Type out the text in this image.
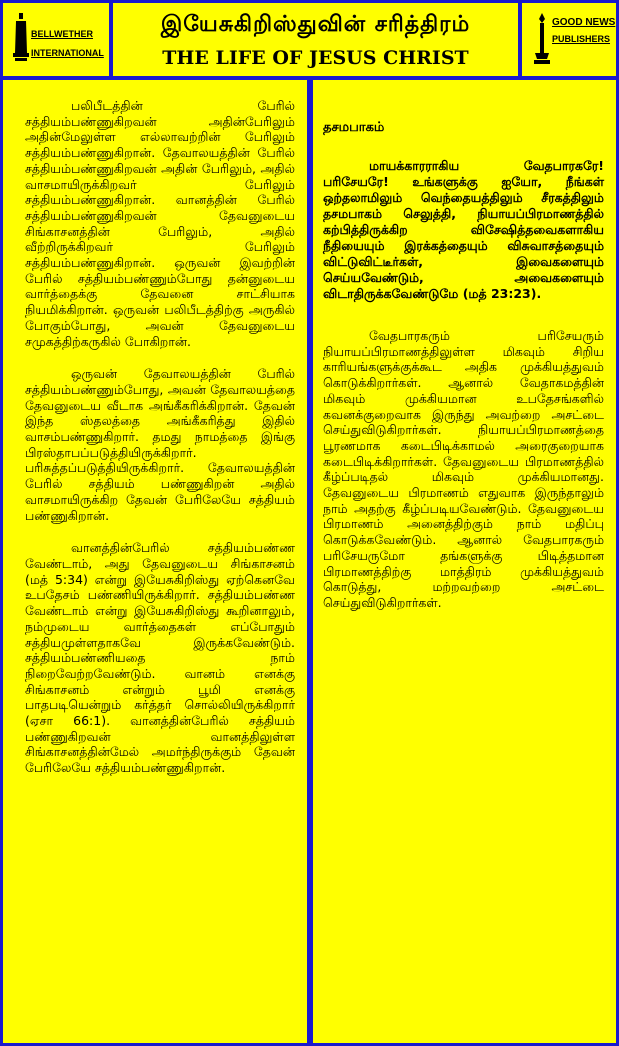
BELLWETHER
INTERNATIONAL
இயேசுகிறிஸ்துவின் சரித்திரம்
THE LIFE OF JESUS CHRIST
GOOD NEWS
PUBLISHERS

பலிபீடத்தின் பேரில் சத்தியம்பண்ணுகிறவன் அதின்பேரிலும் அதின்மேலுள்ள எல்லாவற்றின் பேரிலும் சத்தியம்பண்ணுகிறான். தேவாலயத்தின் பேரில் சத்தியம்பண்ணுகிறவன் அதின் பேரிலும், அதில் வாசமாயிருக்கிறவர் பேரிலும் சத்தியம்பண்ணுகிறான். வானத்தின் பேரில் சத்தியம்பண்ணுகிறவன் தேவனுடைய சிங்காசனத்தின் பேரிலும், அதில் வீற்றிருக்கிறவர் பேரிலும் சத்தியம்பண்ணுகிறான். ஒருவன் இவற்றின் பேரில் சத்தியம்பண்ணும்போது தன்னுடைய வார்த்தைக்கு தேவனை சாட்சியாக நியமிக்கிறான். ஒருவன் பலிபீடத்திற்கு அருகில் போகும்போது, அவன் தேவனுடைய சமுகத்திற்கருகில் போகிறான்.

ஒருவன் தேவாலயத்தின் பேரில் சத்தியம்பண்ணும்போது, அவன் தேவாலயத்தை தேவனுடைய வீடாக அங்கீகரிக்கிறான். தேவன் இந்த ஸ்தலத்தை அங்கீகரித்து இதில் வாசம்பண்ணுகிறார். தமது நாமத்தை இங்கு பிரஸ்தாபப்படுத்தியிருக்கிறார். பரிசுத்தப்படுத்தியிருக்கிறார். தேவாலயத்தின் பேரில் சத்தியம் பண்ணுகிறன் அதில் வாசமாயிருக்கிற தேவன் பேரிலேயே சத்தியம் பண்ணுகிறான்.

வானத்தின்பேரில் சத்தியம்பண்ண வேண்டாம், அது தேவனுடைய சிங்காசனம் (மத் 5:34) என்று இயேசுகிறிஸ்து ஏற்கெனவே உபதேசம் பண்ணியிருக்கிறார். சத்தியம்பண்ண வேண்டாம் என்று இயேசுகிறிஸ்து கூறினாலும், நம்முடைய வார்த்தைகள் எப்போதும் சத்தியமுள்ளதாகவே இருக்கவேண்டும். சத்தியம்பண்ணியதை நாம் நிறைவேற்றவேண்டும். வானம் எனக்கு சிங்காசனம் என்றும் பூமி எனக்கு பாதபடியென்றும் கர்த்தர் சொல்லியிருக்கிறார் (ஏசா 66:1). வானத்தின்பேரில் சத்தியம் பண்ணுகிறவன் வானத்திலுள்ள சிங்காசனத்தின்மேல் அமர்ந்திருக்கும் தேவன் பேரிலேயே சத்தியம்பண்ணுகிறான்.

தசமபாகம்

மாயக்காரராகிய வேதபாரகரே! பரிசேயரே! உங்களுக்கு ஐயோ, நீங்கள் ஒற்தலாமிலும் வெந்தையத்திலும் சீரகத்திலும் தசமபாகம் செலுத்தி, நியாயப்பிரமாணத்தில் கற்பித்திருக்கிற விசேஷித்தவைகளாகிய நீதியையும் இரக்கத்தையும் விசுவாசத்தையும் விட்டுவிட்டீர்கள், இவைகளையும் செய்யவேண்டும், அவைகளையும் விடாதிருக்கவேண்டுமே (மத் 23:23).

வேதபாரகரும் பரிசேயரும் நியாயப்பிரமாணத்திலுள்ள மிகவும் சிறிய காரியங்களுக்குக்கூட அதிக முக்கியத்துவம் கொடுக்கிறார்கள். ஆனால் வேதாகமத்தின் மிகவும் முக்கியமான உபதேசங்களில் கவனக்குறைவாக இருந்து அவற்றை அசட்டை செய்துவிடுகிறார்கள். நியாயப்பிரமாணத்தை பூரணமாக கடைபிடிக்காமல் அரைகுறையாக கடைபிடிக்கிறார்கள். தேவனுடைய பிரமாணத்தில் கீழ்ப்படிதல் மிகவும் முக்கியமானது. தேவனுடைய பிரமாணம் எதுவாக இருந்தாலும் நாம் அதற்கு கீழ்ப்படியவேண்டும். தேவனுடைய பிரமாணம் அனைத்திற்கும் நாம் மதிப்பு கொடுக்கவேண்டும். ஆனால் வேதபாரகரும் பரிசேயருமோ தங்களுக்கு பிடித்தமான பிரமாணத்திற்கு மாத்திரம் முக்கியத்துவம் கொடுத்து, மற்றவற்றை அசட்டை செய்துவிடுகிறார்கள்.
